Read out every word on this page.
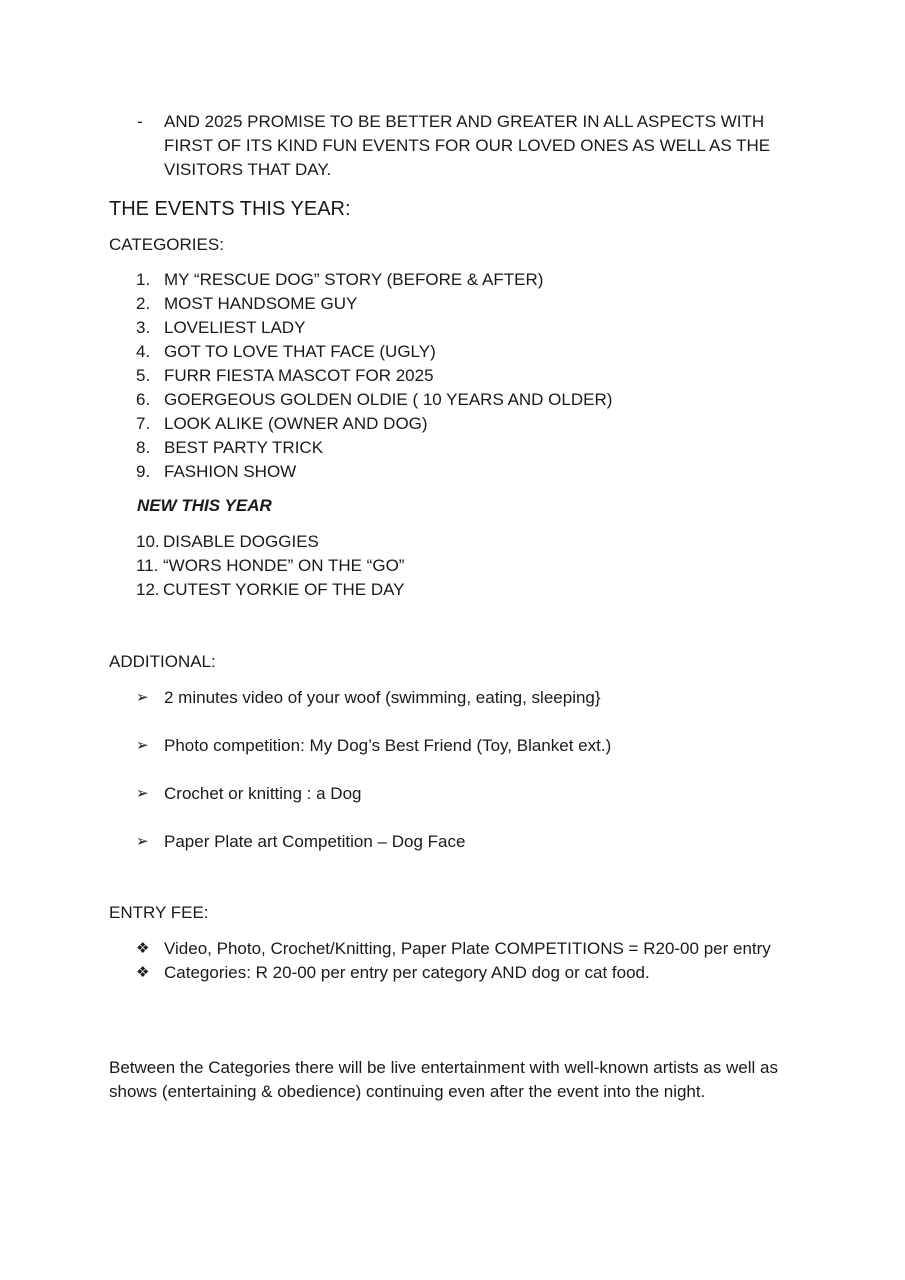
- AND 2025 PROMISE TO BE BETTER AND GREATER IN ALL ASPECTS WITH
FIRST OF ITS KIND FUN EVENTS FOR OUR LOVED ONES AS WELL AS THE
VISITORS THAT DAY.
THE EVENTS THIS YEAR:
CATEGORIES:
1. MY “RESCUE DOG” STORY (BEFORE & AFTER)
2. MOST HANDSOME GUY
3. LOVELIEST LADY
4. GOT TO LOVE THAT FACE (UGLY)
5. FURR FIESTA MASCOT FOR 2025
6. GOERGEOUS GOLDEN OLDIE ( 10 YEARS AND OLDER)
7. LOOK ALIKE (OWNER AND DOG)
8. BEST PARTY TRICK
9. FASHION SHOW
NEW THIS YEAR
10. DISABLE DOGGIES
11. “WORS HONDE” ON THE “GO”
12. CUTEST YORKIE OF THE DAY
ADDITIONAL:
➢ 2 minutes video of your woof (swimming, eating, sleeping}
➢ Photo competition: My Dog’s Best Friend (Toy, Blanket ext.)
➢ Crochet or knitting : a Dog
➢ Paper Plate art Competition – Dog Face
ENTRY FEE:
❖ Video, Photo, Crochet/Knitting, Paper Plate COMPETITIONS = R20-00 per entry
❖ Categories: R 20-00 per entry per category AND dog or cat food.
Between the Categories there will be live entertainment with well-known artists as well as shows (entertaining & obedience) continuing even after the event into the night.
